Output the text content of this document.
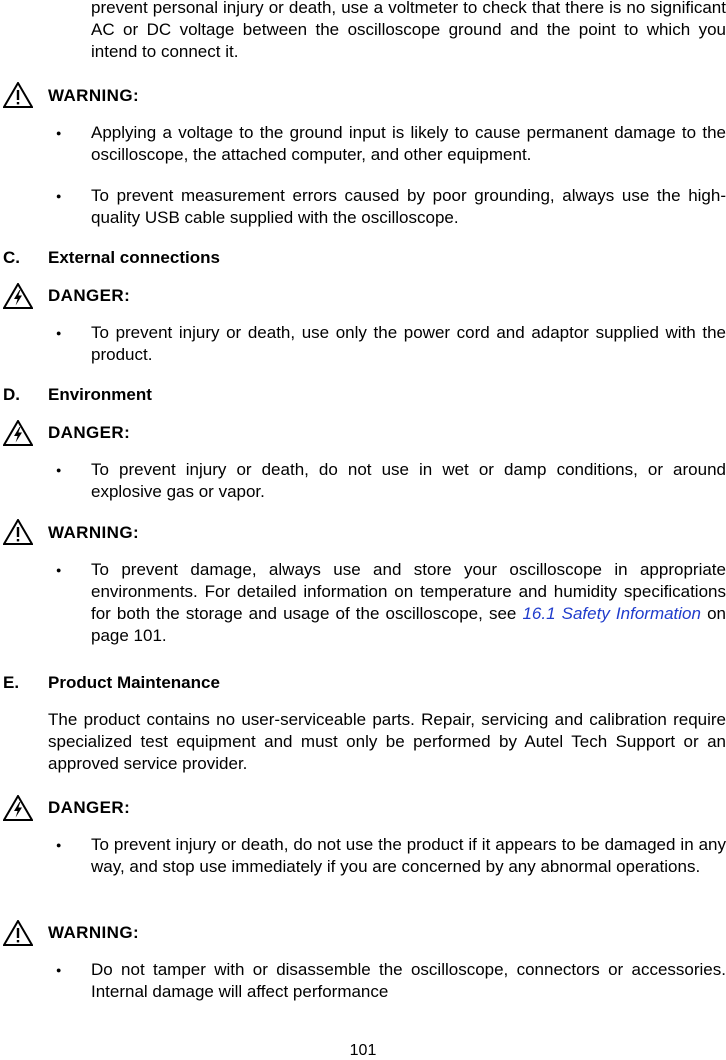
prevent personal injury or death, use a voltmeter to check that there is no significant AC or DC voltage between the oscilloscope ground and the point to which you intend to connect it.

WARNING:
● Applying a voltage to the ground input is likely to cause permanent damage to the oscilloscope, the attached computer, and other equipment.

● To prevent measurement errors caused by poor grounding, always use the high-quality USB cable supplied with the oscilloscope.

C. External connections
DANGER:
● To prevent injury or death, use only the power cord and adaptor supplied with the product.

D. Environment
DANGER:
● To prevent injury or death, do not use in wet or damp conditions, or around explosive gas or vapor.

WARNING:
● To prevent damage, always use and store your oscilloscope in appropriate environments. For detailed information on temperature and humidity specifications for both the storage and usage of the oscilloscope, see 16.1 Safety Information on page 101.

E. Product Maintenance

The product contains no user-serviceable parts. Repair, servicing and calibration require specialized test equipment and must only be performed by Autel Tech Support or an approved service provider.

DANGER:
● To prevent injury or death, do not use the product if it appears to be damaged in any way, and stop use immediately if you are concerned by any abnormal operations.

WARNING:
● Do not tamper with or disassemble the oscilloscope, connectors or accessories. Internal damage will affect performance

101
